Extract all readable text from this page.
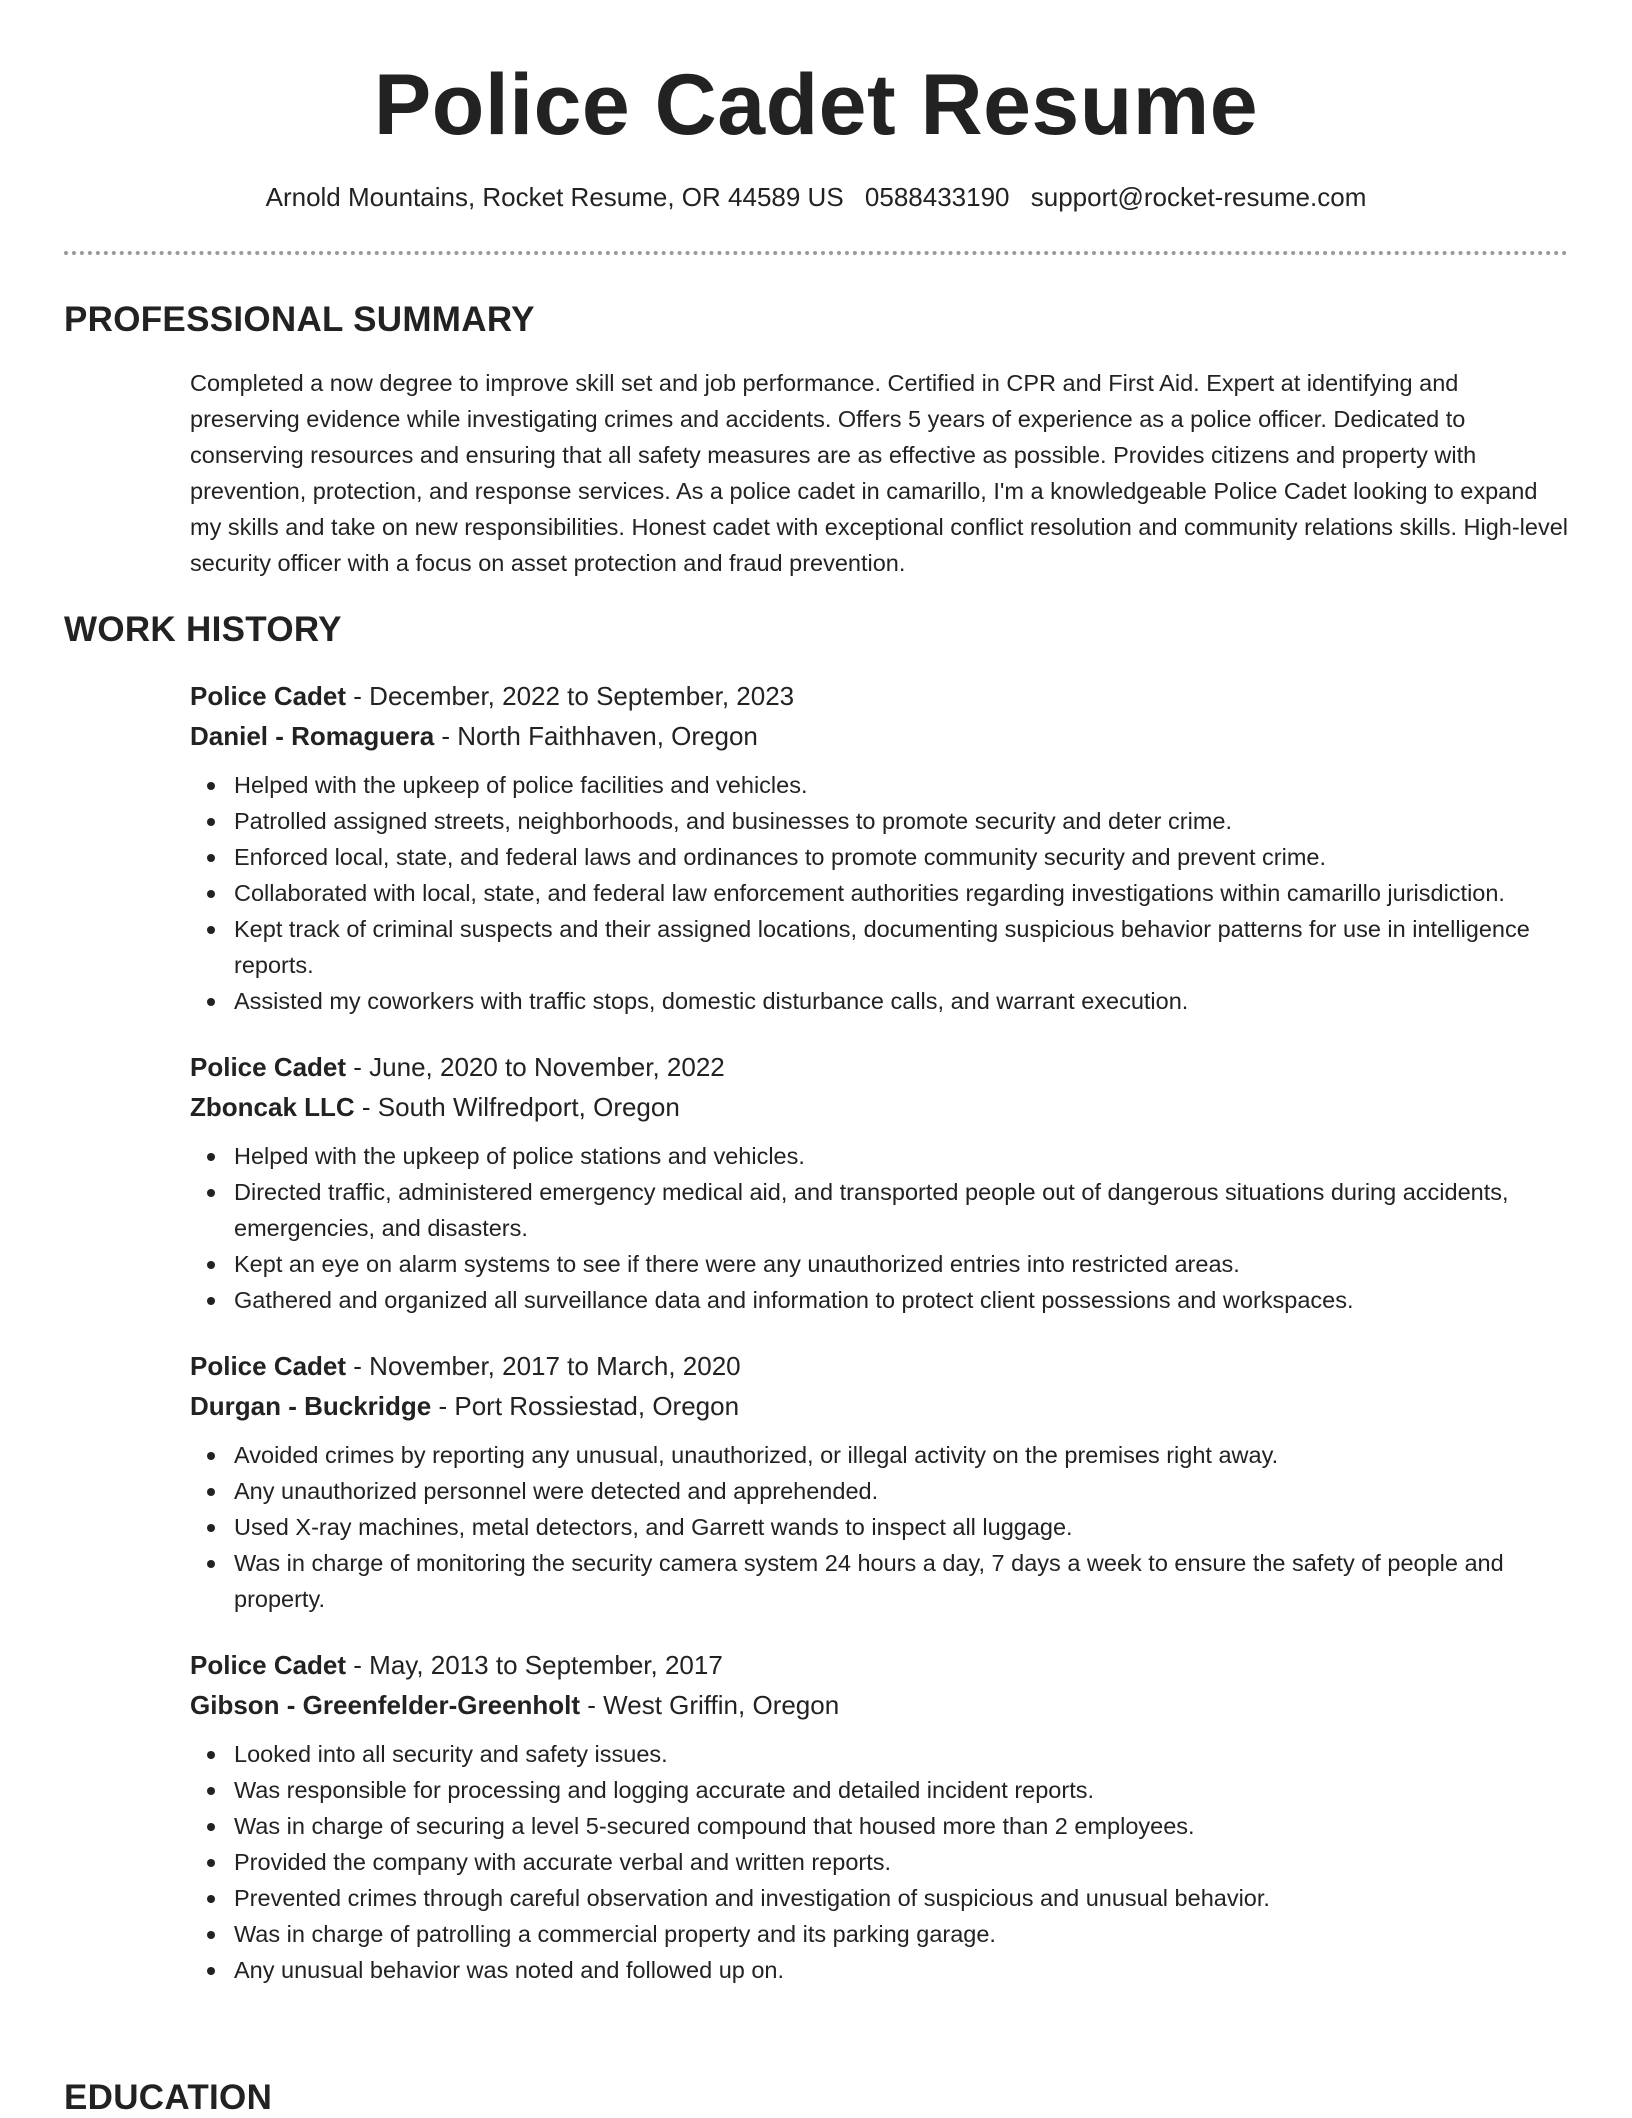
Police Cadet Resume
Arnold Mountains, Rocket Resume, OR 44589 US 0588433190 support@rocket-resume.com
PROFESSIONAL SUMMARY

Completed a now degree to improve skill set and job performance. Certified in CPR and First Aid. Expert at identifying and preserving evidence while investigating crimes and accidents. Offers 5 years of experience as a police officer. Dedicated to conserving resources and ensuring that all safety measures are as effective as possible. Provides citizens and property with prevention, protection, and response services. As a police cadet in camarillo, I'm a knowledgeable Police Cadet looking to expand my skills and take on new responsibilities. Honest cadet with exceptional conflict resolution and community relations skills. High-level security officer with a focus on asset protection and fraud prevention.

WORK HISTORY
Police Cadet - December, 2022 to September, 2023
Daniel - Romaguera - North Faithhaven, Oregon
Helped with the upkeep of police facilities and vehicles.
Patrolled assigned streets, neighborhoods, and businesses to promote security and deter crime.
Enforced local, state, and federal laws and ordinances to promote community security and prevent crime.
Collaborated with local, state, and federal law enforcement authorities regarding investigations within camarillo jurisdiction.
Kept track of criminal suspects and their assigned locations, documenting suspicious behavior patterns for use in intelligence reports.
Assisted my coworkers with traffic stops, domestic disturbance calls, and warrant execution.
Police Cadet - June, 2020 to November, 2022
Zboncak LLC - South Wilfredport, Oregon
Helped with the upkeep of police stations and vehicles.
Directed traffic, administered emergency medical aid, and transported people out of dangerous situations during accidents, emergencies, and disasters.
Kept an eye on alarm systems to see if there were any unauthorized entries into restricted areas.
Gathered and organized all surveillance data and information to protect client possessions and workspaces.
Police Cadet - November, 2017 to March, 2020
Durgan - Buckridge - Port Rossiestad, Oregon
Avoided crimes by reporting any unusual, unauthorized, or illegal activity on the premises right away.
Any unauthorized personnel were detected and apprehended.
Used X-ray machines, metal detectors, and Garrett wands to inspect all luggage.
Was in charge of monitoring the security camera system 24 hours a day, 7 days a week to ensure the safety of people and property.
Police Cadet - May, 2013 to September, 2017
Gibson - Greenfelder-Greenholt - West Griffin, Oregon
Looked into all security and safety issues.
Was responsible for processing and logging accurate and detailed incident reports.
Was in charge of securing a level 5-secured compound that housed more than 2 employees.
Provided the company with accurate verbal and written reports.
Prevented crimes through careful observation and investigation of suspicious and unusual behavior.
Was in charge of patrolling a commercial property and its parking garage.
Any unusual behavior was noted and followed up on.
EDUCATION
